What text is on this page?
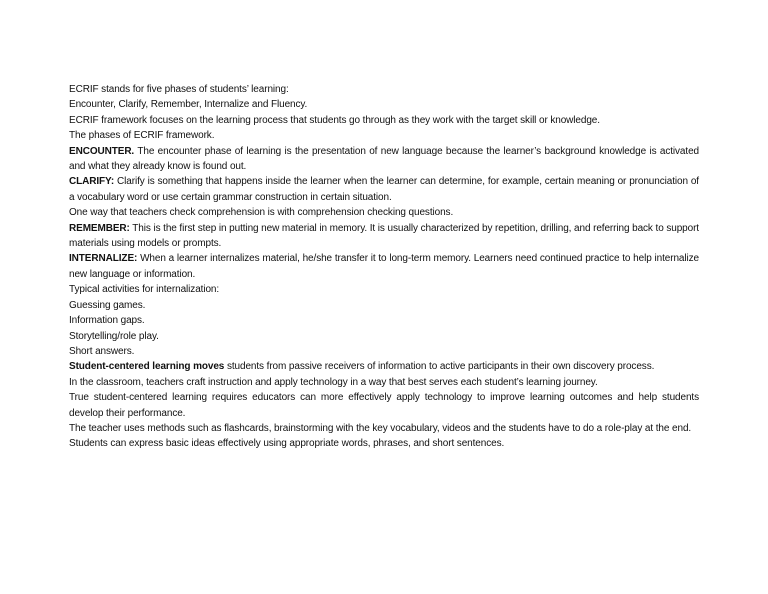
ECRIF stands for five phases of students’ learning:

Encounter, Clarify, Remember, Internalize and Fluency.

ECRIF framework focuses on the learning process that students go through as they work with the target skill or knowledge.

The phases of ECRIF framework.

ENCOUNTER. The encounter phase of learning is the presentation of new language because the learner’s background knowledge is activated and what they already know is found out.

CLARIFY: Clarify is something that happens inside the learner when the learner can determine, for example, certain meaning or pronunciation of a vocabulary word or use certain grammar construction in certain situation.

One way that teachers check comprehension is with comprehension checking questions.

REMEMBER: This is the first step in putting new material in memory. It is usually characterized by repetition, drilling, and referring back to support materials using models or prompts.

INTERNALIZE: When a learner internalizes material, he/she transfer it to long-term memory. Learners need continued practice to help internalize new language or information.

Typical activities for internalization:

Guessing games.

Information gaps.

Storytelling/role play.

Short answers.

Student-centered learning moves students from passive receivers of information to active participants in their own discovery process.

In the classroom, teachers craft instruction and apply technology in a way that best serves each student’s learning journey.

True student-centered learning requires educators can more effectively apply technology to improve learning outcomes and help students develop their performance.

The teacher uses methods such as flashcards, brainstorming with the key vocabulary, videos and the students have to do a role-play at the end.

Students can express basic ideas effectively using appropriate words, phrases, and short sentences.
